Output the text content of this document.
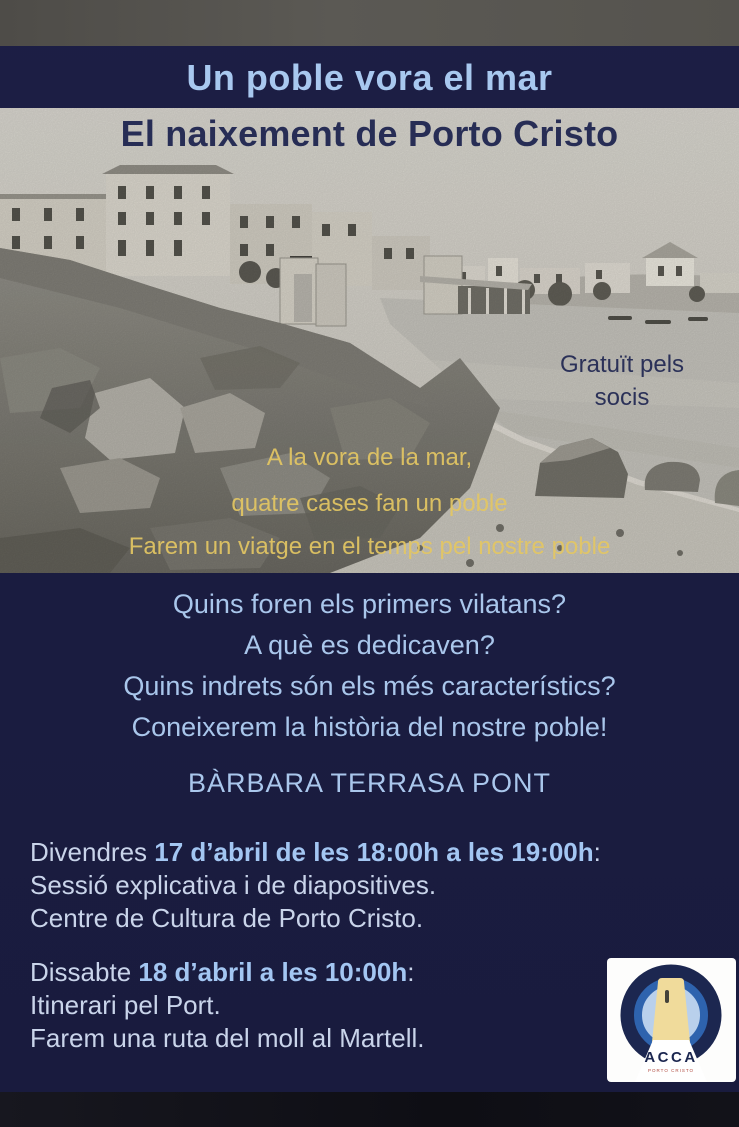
Un poble vora el mar
El naixement de Porto Cristo
Gratuït pels
socis
A la vora de la mar,
quatre cases fan un poble
Farem un viatge en el temps pel nostre poble
Quins foren els primers vilatans?
A què es dedicaven?
Quins indrets són els més característics?
Coneixerem la història del nostre poble!
BÀRBARA TERRASA PONT
Divendres 17 d’abril de les 18:00h a les 19:00h:
Sessió explicativa i de diapositives.
Centre de Cultura de Porto Cristo.
Dissabte 18 d’abril a les 10:00h:
Itinerari pel Port.
Farem una ruta del moll al Martell.
ACCA
PORTO CRISTO
